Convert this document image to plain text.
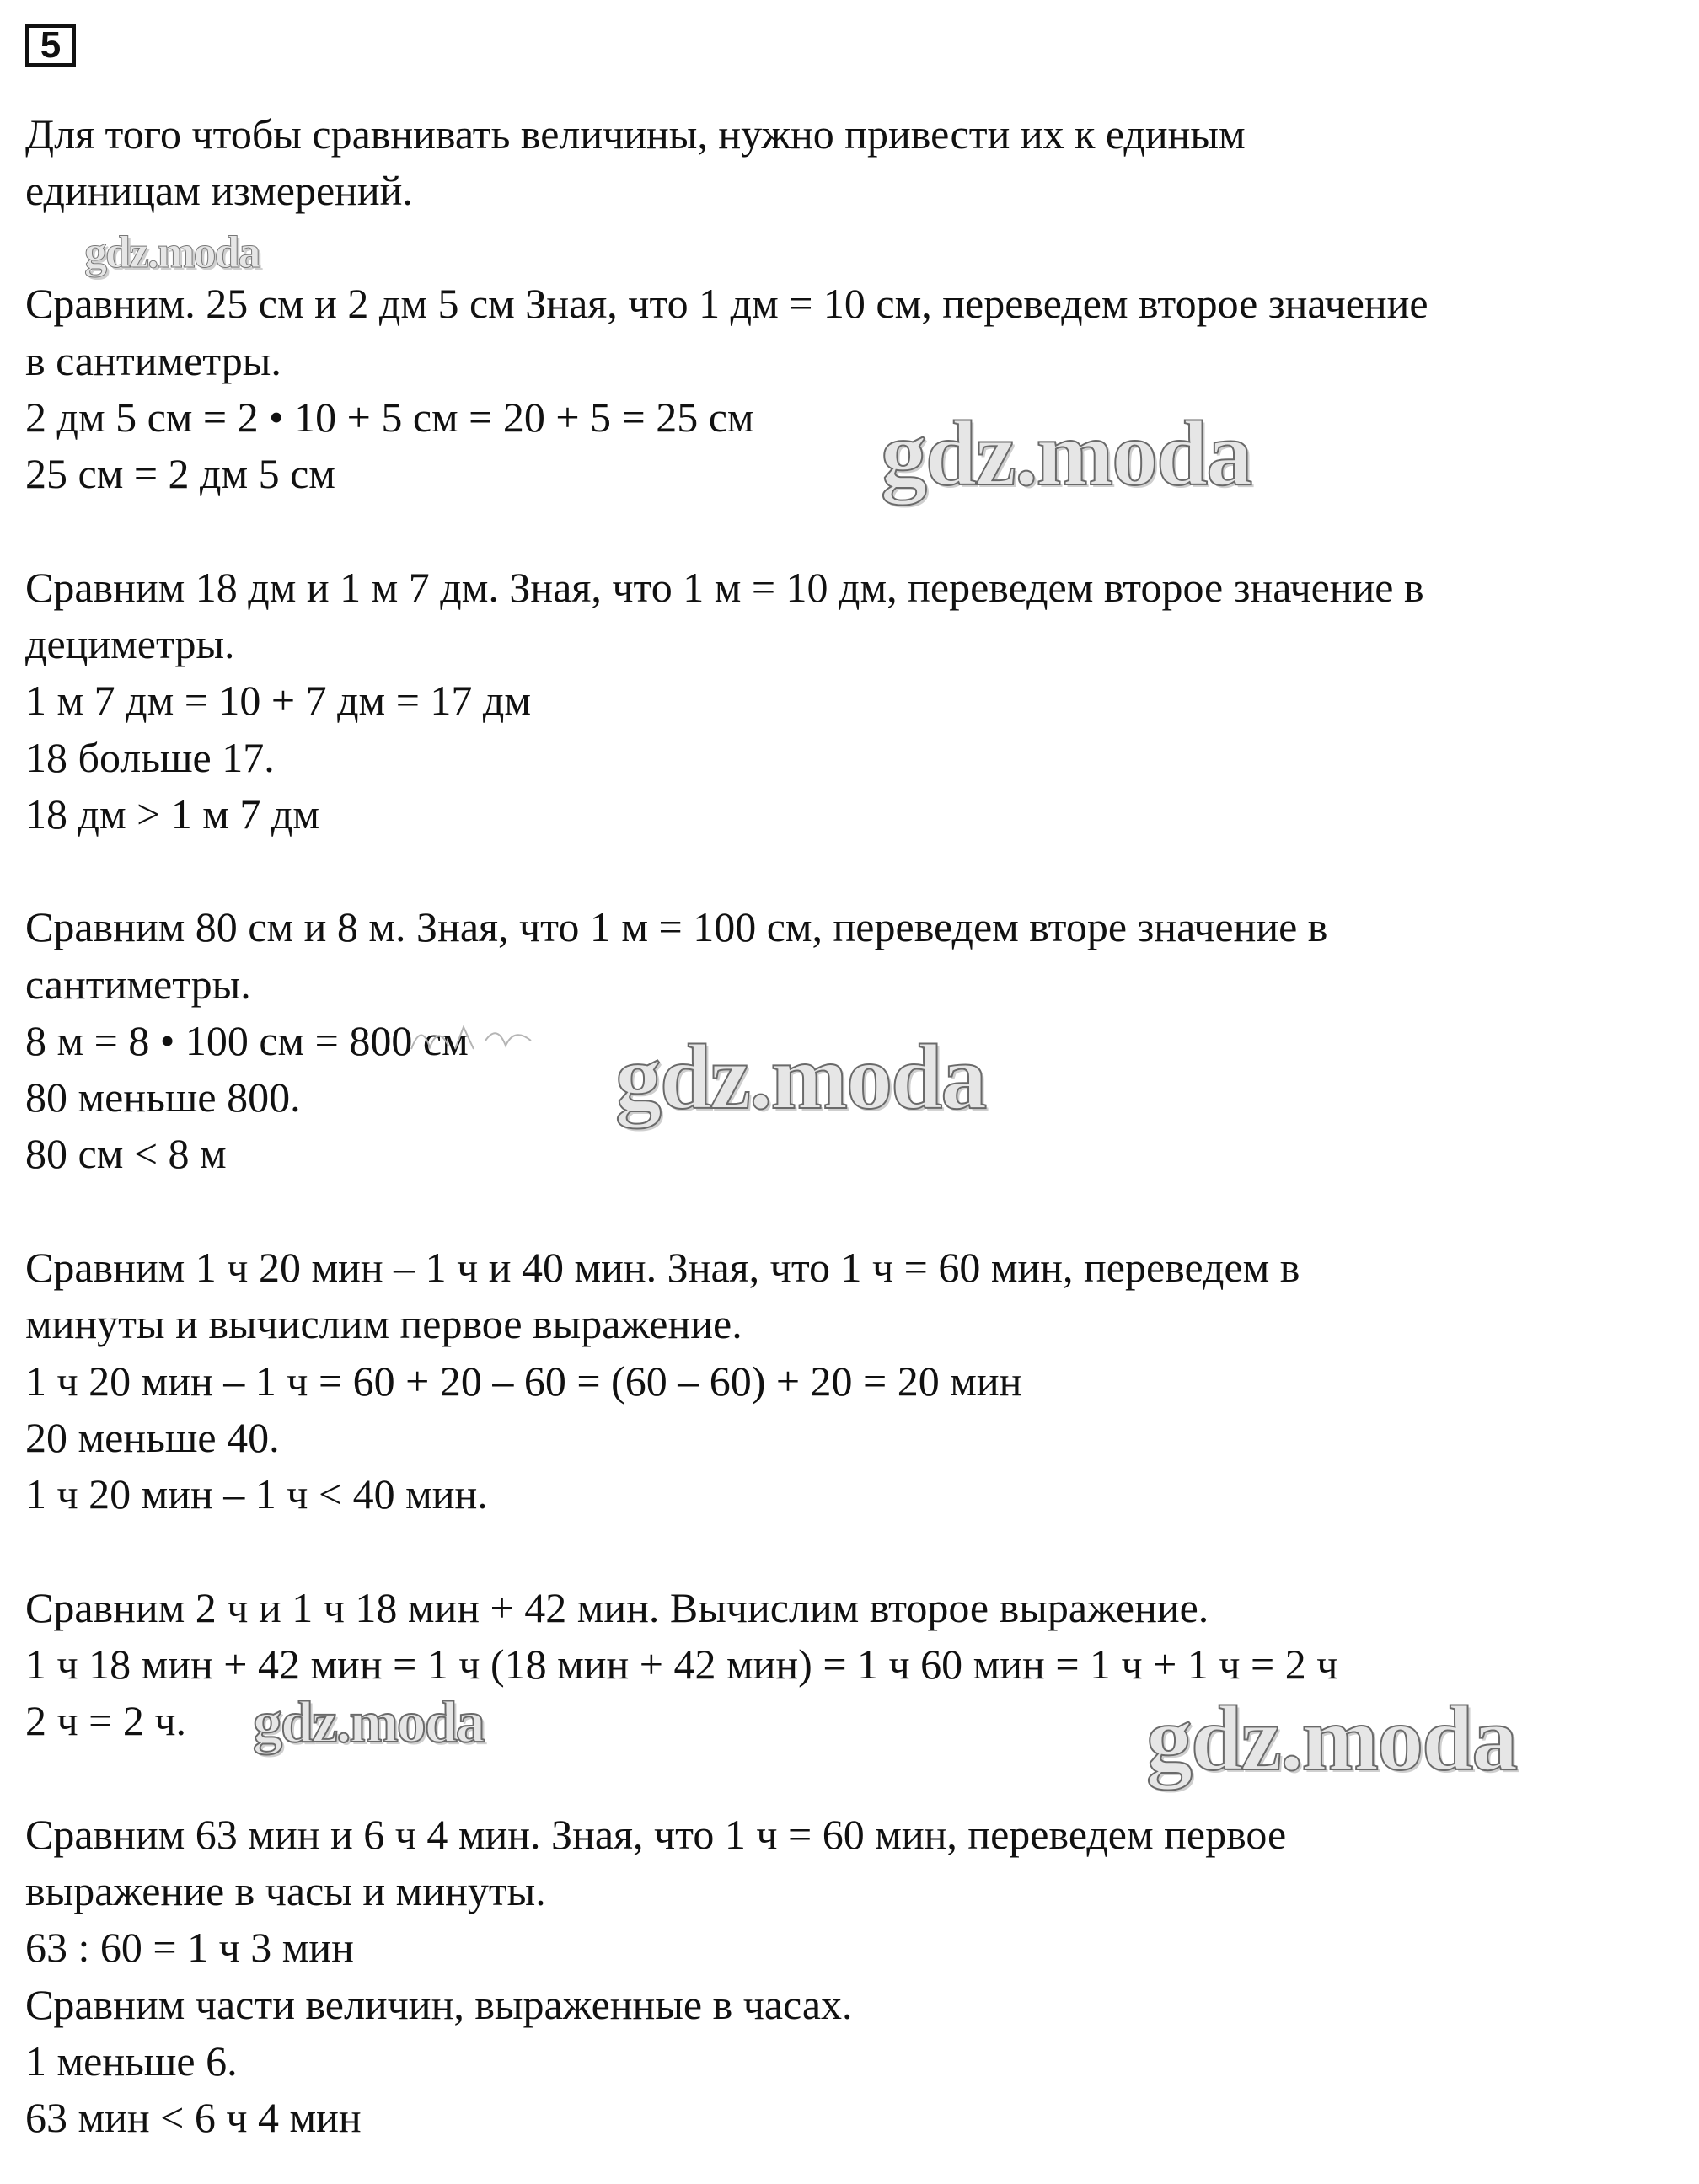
5
Для того чтобы сравнивать величины, нужно привести их к единым
единицам измерений.
Сравним. 25 см и 2 дм 5 см Зная, что 1 дм = 10 см, переведем второе значение
в сантиметры.
2 дм 5 см = 2 • 10 + 5 см = 20 + 5 = 25 см
25 см = 2 дм 5 см
Сравним 18 дм и 1 м 7 дм. Зная, что 1 м = 10 дм, переведем второе значение в
дециметры.
1 м 7 дм = 10 + 7 дм = 17 дм
18 больше 17.
18 дм > 1 м 7 дм
Сравним 80 см и 8 м. Зная, что 1 м = 100 см, переведем вторе значение в
сантиметры.
8 м = 8 • 100 см = 800 см
80 меньше 800.
80 см < 8 м
Сравним 1 ч 20 мин – 1 ч и 40 мин. Зная, что 1 ч = 60 мин, переведем в
минуты и вычислим первое выражение.
1 ч 20 мин – 1 ч = 60 + 20 – 60 = (60 – 60) + 20 = 20 мин
20 меньше 40.
1 ч 20 мин – 1 ч < 40 мин.
Сравним 2 ч и 1 ч 18 мин + 42 мин. Вычислим второе выражение.
1 ч 18 мин + 42 мин = 1 ч (18 мин + 42 мин) = 1 ч 60 мин = 1 ч + 1 ч = 2 ч
2 ч = 2 ч.
Сравним 63 мин и 6 ч 4 мин. Зная, что 1 ч = 60 мин, переведем первое
выражение в часы и минуты.
63 : 60 = 1 ч 3 мин
Сравним части величин, выраженные в часах.
1 меньше 6.
63 мин < 6 ч 4 мин
gdz.moda
gdz.moda
gdz.moda
gdz.moda	gdz.moda
